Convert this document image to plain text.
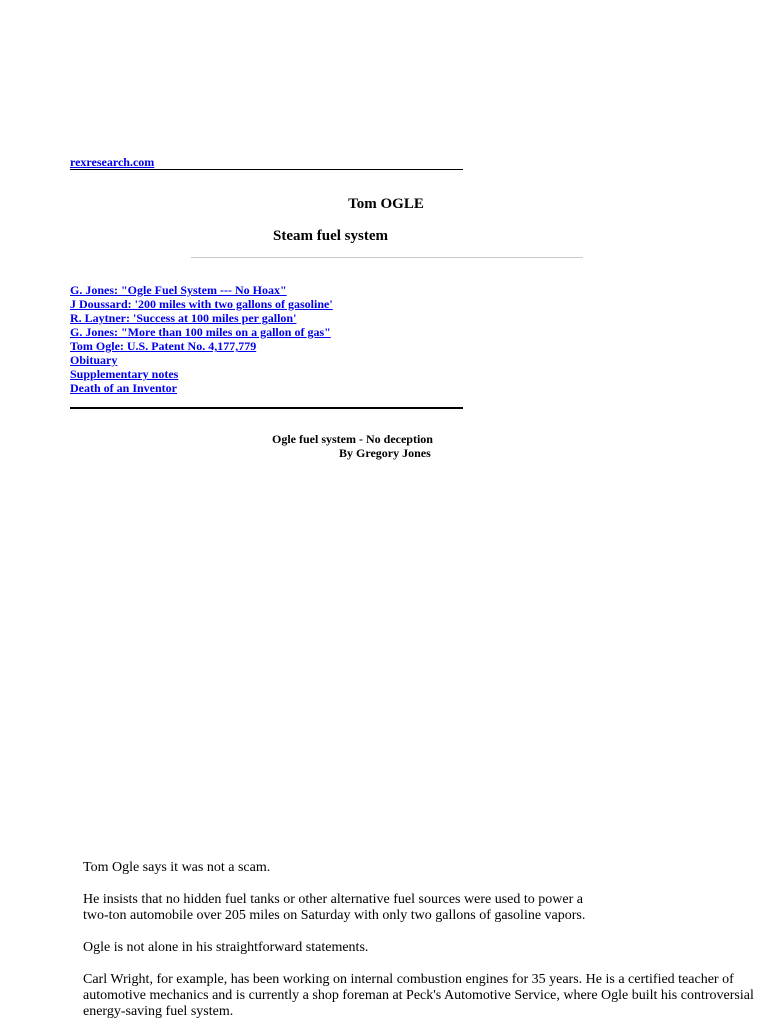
rexresearch.com
Tom OGLE
Steam fuel system
G. Jones: "Ogle Fuel System --- No Hoax"
J Doussard: '200 miles with two gallons of gasoline'
R. Laytner: 'Success at 100 miles per gallon'
G. Jones: "More than 100 miles on a gallon of gas"
Tom Ogle: U.S. Patent No. 4,177,779
Obituary
Supplementary notes
Death of an Inventor
Ogle fuel system - No deception
By Gregory Jones

Tom Ogle says it was not a scam.

He insists that no hidden fuel tanks or other alternative fuel sources were used to power a two-ton automobile over 205 miles on Saturday with only two gallons of gasoline vapors.

Ogle is not alone in his straightforward statements.

Carl Wright, for example, has been working on internal combustion engines for 35 years. He is a certified teacher of automotive mechanics and is currently a shop foreman at Peck's Automotive Service, where Ogle built his controversial energy-saving fuel system.
